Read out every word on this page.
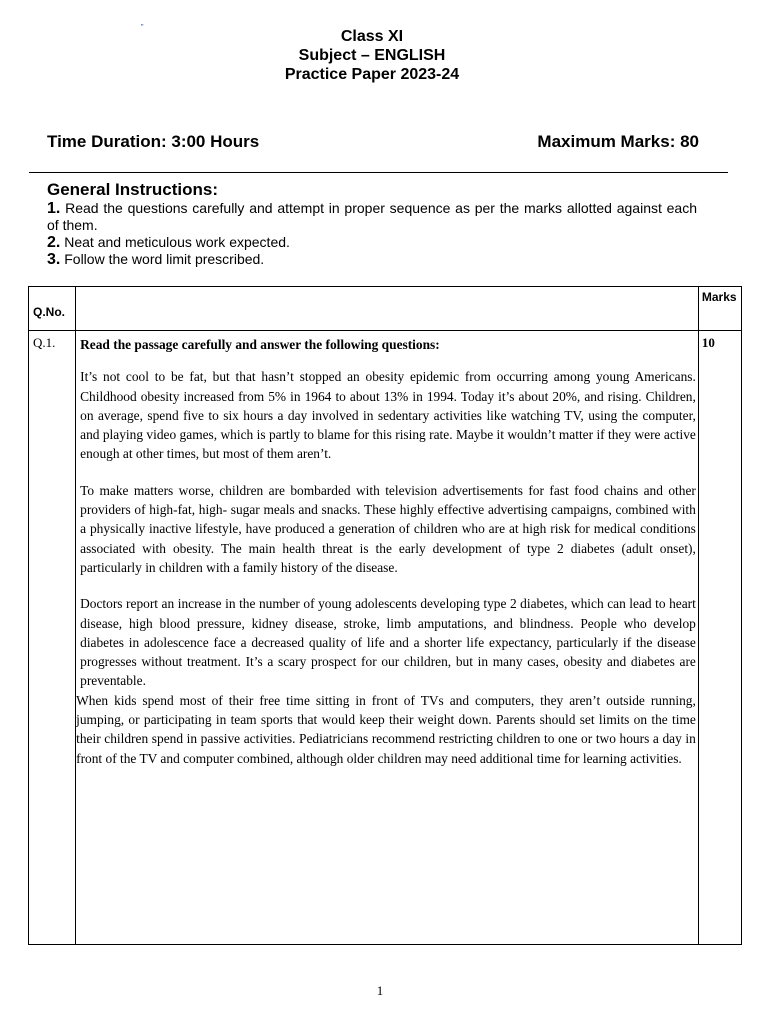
"
Class XI
Subject – ENGLISH
Practice Paper 2023-24
Time Duration: 3:00 Hours	Maximum Marks: 80
General Instructions:
1. Read the questions carefully and attempt in proper sequence as per the marks allotted against each of them.
2. Neat and meticulous work expected.
3. Follow the word limit prescribed.
Q.No.		Marks
Q.1.	Read the passage carefully and answer the following questions:
It’s not cool to be fat, but that hasn’t stopped an obesity epidemic from occurring among young Americans. Childhood obesity increased from 5% in 1964 to about 13% in 1994. Today it’s about 20%, and rising. Children, on average, spend five to six hours a day involved in sedentary activities like watching TV, using the computer, and playing video games, which is partly to blame for this rising rate. Maybe it wouldn’t matter if they were active enough at other times, but most of them aren’t.
To make matters worse, children are bombarded with television advertisements for fast food chains and other providers of high-fat, high- sugar meals and snacks. These highly effective advertising campaigns, combined with a physically inactive lifestyle, have produced a generation of children who are at high risk for medical conditions associated with obesity. The main health threat is the early development of type 2 diabetes (adult onset), particularly in children with a family history of the disease.
Doctors report an increase in the number of young adolescents developing type 2 diabetes, which can lead to heart disease, high blood pressure, kidney disease, stroke, limb amputations, and blindness. People who develop diabetes in adolescence face a decreased quality of life and a shorter life expectancy, particularly if the disease progresses without treatment. It’s a scary prospect for our children, but in many cases, obesity and diabetes are preventable.
When kids spend most of their free time sitting in front of TVs and computers, they aren’t outside running, jumping, or participating in team sports that would keep their weight down. Parents should set limits on the time their children spend in passive activities. Pediatricians recommend restricting children to one or two hours a day in front of the TV and computer combined, although older children may need additional time for learning activities.	10
1
